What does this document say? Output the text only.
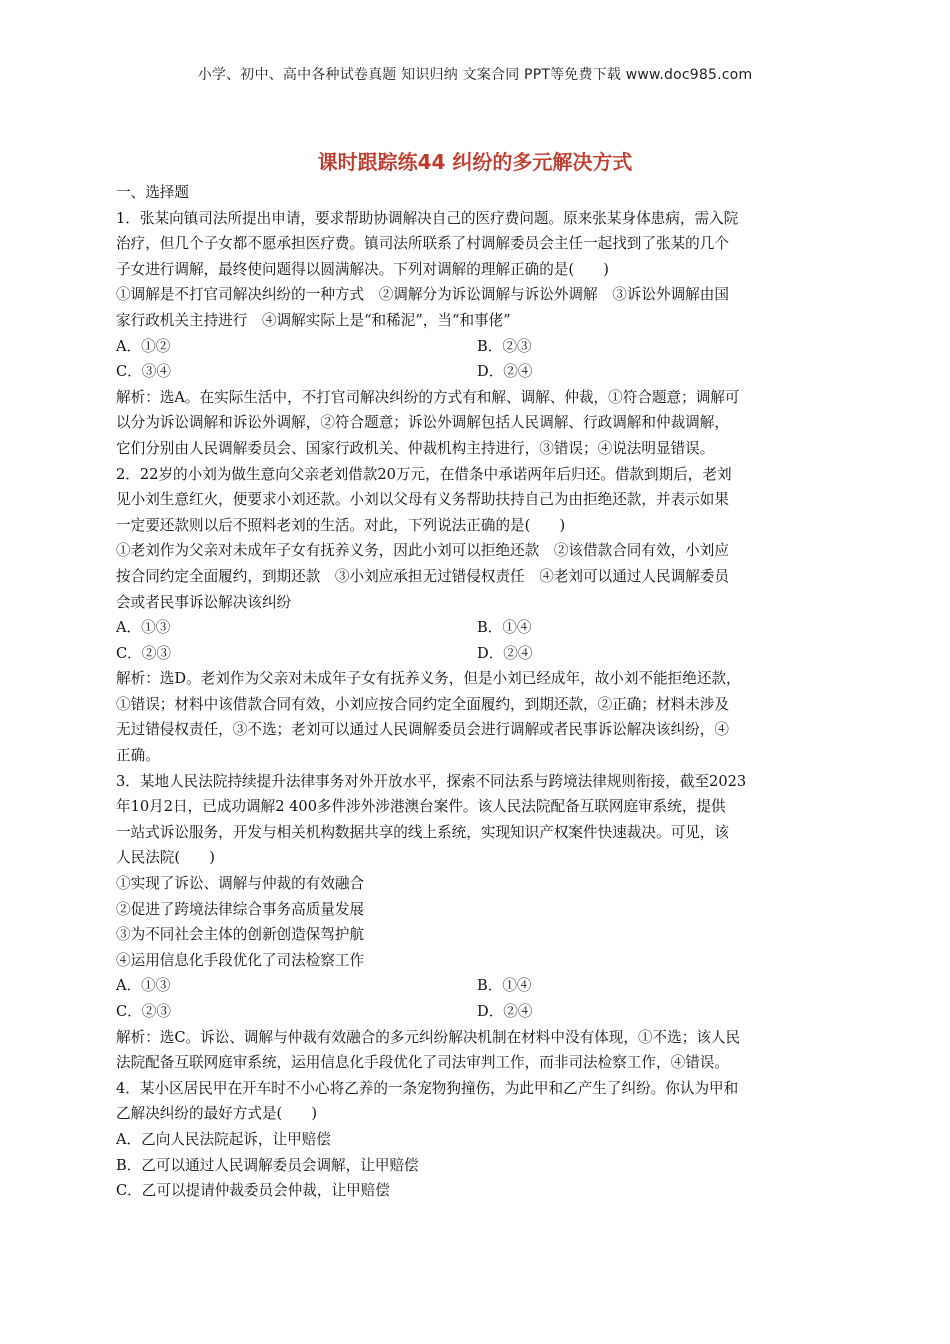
小学、初中、高中各种试卷真题 知识归纳 文案合同 PPT等免费下载 www.doc985.com
课时跟踪练44 纠纷的多元解决方式
一、选择题
1．张某向镇司法所提出申请，要求帮助协调解决自己的医疗费问题。原来张某身体患病，需入院
治疗，但几个子女都不愿承担医疗费。镇司法所联系了村调解委员会主任一起找到了张某的几个
子女进行调解，最终使问题得以圆满解决。下列对调解的理解正确的是(　　)
①调解是不打官司解决纠纷的一种方式　②调解分为诉讼调解与诉讼外调解　③诉讼外调解由国
家行政机关主持进行　④调解实际上是“和稀泥”，当“和事佬”
A．①②	B．②③
C．③④	D．②④
解析：选A。在实际生活中，不打官司解决纠纷的方式有和解、调解、仲裁，①符合题意；调解可
以分为诉讼调解和诉讼外调解，②符合题意；诉讼外调解包括人民调解、行政调解和仲裁调解，
它们分别由人民调解委员会、国家行政机关、仲裁机构主持进行，③错误；④说法明显错误。
2．22岁的小刘为做生意向父亲老刘借款20万元，在借条中承诺两年后归还。借款到期后，老刘
见小刘生意红火，便要求小刘还款。小刘以父母有义务帮助扶持自己为由拒绝还款，并表示如果
一定要还款则以后不照料老刘的生活。对此，下列说法正确的是(　　)
①老刘作为父亲对未成年子女有抚养义务，因此小刘可以拒绝还款　②该借款合同有效，小刘应
按合同约定全面履约，到期还款　③小刘应承担无过错侵权责任　④老刘可以通过人民调解委员
会或者民事诉讼解决该纠纷
A．①③	B．①④
C．②③	D．②④
解析：选D。老刘作为父亲对未成年子女有抚养义务，但是小刘已经成年，故小刘不能拒绝还款，
①错误；材料中该借款合同有效，小刘应按合同约定全面履约，到期还款，②正确；材料未涉及
无过错侵权责任，③不选；老刘可以通过人民调解委员会进行调解或者民事诉讼解决该纠纷，④
正确。
3．某地人民法院持续提升法律事务对外开放水平，探索不同法系与跨境法律规则衔接，截至2023
年10月2日，已成功调解2 400多件涉外涉港澳台案件。该人民法院配备互联网庭审系统，提供
一站式诉讼服务，开发与相关机构数据共享的线上系统，实现知识产权案件快速裁决。可见，该
人民法院(　　)
①实现了诉讼、调解与仲裁的有效融合
②促进了跨境法律综合事务高质量发展
③为不同社会主体的创新创造保驾护航
④运用信息化手段优化了司法检察工作
A．①③	B．①④
C．②③	D．②④
解析：选C。诉讼、调解与仲裁有效融合的多元纠纷解决机制在材料中没有体现，①不选；该人民
法院配备互联网庭审系统，运用信息化手段优化了司法审判工作，而非司法检察工作，④错误。
4．某小区居民甲在开车时不小心将乙养的一条宠物狗撞伤，为此甲和乙产生了纠纷。你认为甲和
乙解决纠纷的最好方式是(　　)
A．乙向人民法院起诉，让甲赔偿
B．乙可以通过人民调解委员会调解，让甲赔偿
C．乙可以提请仲裁委员会仲裁，让甲赔偿
